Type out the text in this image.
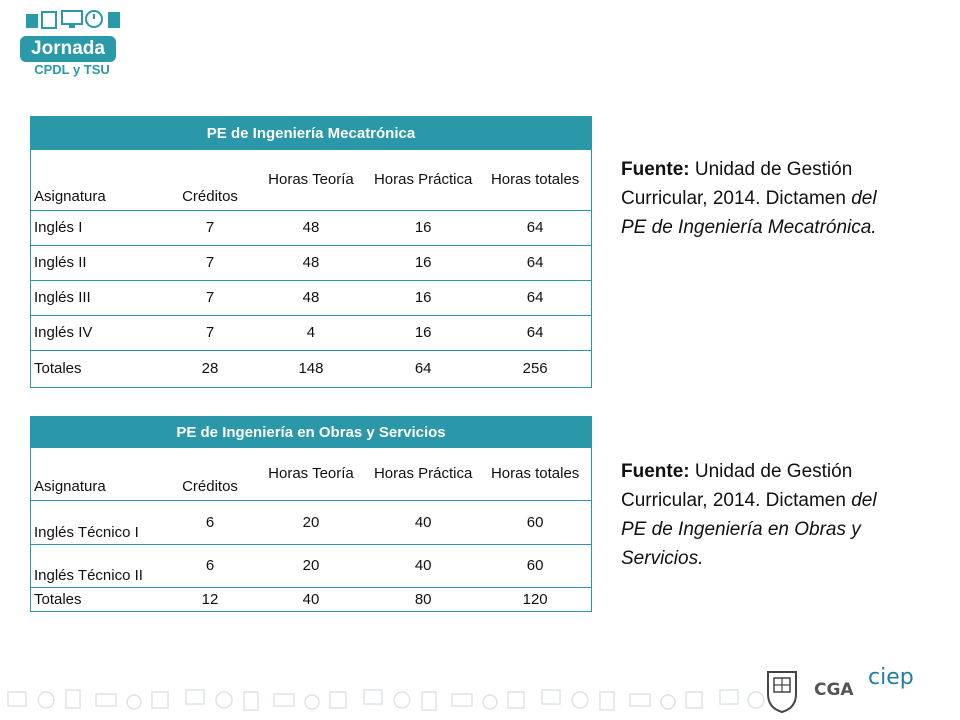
Jornada
CPDL y TSU
PE de Ingeniería Mecatrónica				
Asignatura	Créditos	Horas Teoría	Horas Práctica	Horas totales
Inglés I	7	48	16	64
Inglés II	7	48	16	64
Inglés III	7	48	16	64
Inglés IV	7	4	16	64
Totales	28	148	64	256
Fuente: Unidad de Gestión Curricular, 2014. Dictamen del PE de Ingeniería Mecatrónica.
PE de Ingeniería en Obras y Servicios				
Asignatura	Créditos	Horas Teoría	Horas Práctica	Horas totales
Inglés Técnico I	6	20	40	60
Inglés Técnico II	6	20	40	60
Totales	12	40	80	120
Fuente: Unidad de Gestión Curricular, 2014. Dictamen del PE de Ingeniería en Obras y Servicios.
CGA ciep
